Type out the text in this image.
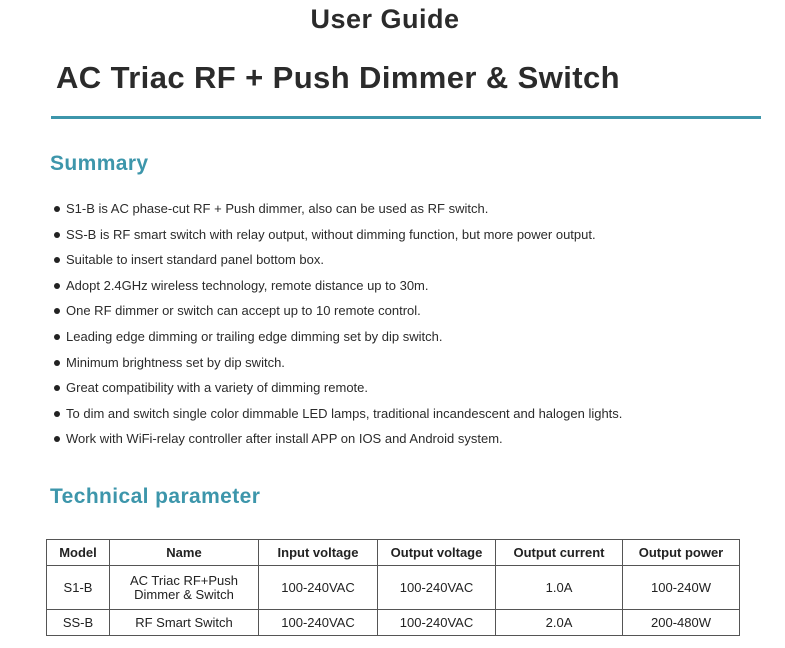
User Guide
AC Triac RF + Push Dimmer & Switch
Summary
S1-B is AC phase-cut RF + Push dimmer, also can be used as RF switch.
SS-B is RF smart switch with relay output, without dimming function, but more power output.
Suitable to insert standard panel bottom box.
Adopt 2.4GHz wireless technology, remote distance up to 30m.
One RF dimmer or switch can accept up to 10 remote control.
Leading edge dimming or trailing edge dimming set by dip switch.
Minimum brightness set by dip switch.
Great compatibility with a variety of dimming remote.
To dim and switch single color dimmable LED lamps, traditional incandescent and halogen lights.
Work with WiFi-relay controller after install APP on IOS and Android system.
Technical parameter
Model	Name	Input voltage	Output voltage	Output current	Output power
S1-B	AC Triac RF+Push
Dimmer & Switch	100-240VAC	100-240VAC	1.0A	100-240W
SS-B	RF Smart Switch	100-240VAC	100-240VAC	2.0A	200-480W
